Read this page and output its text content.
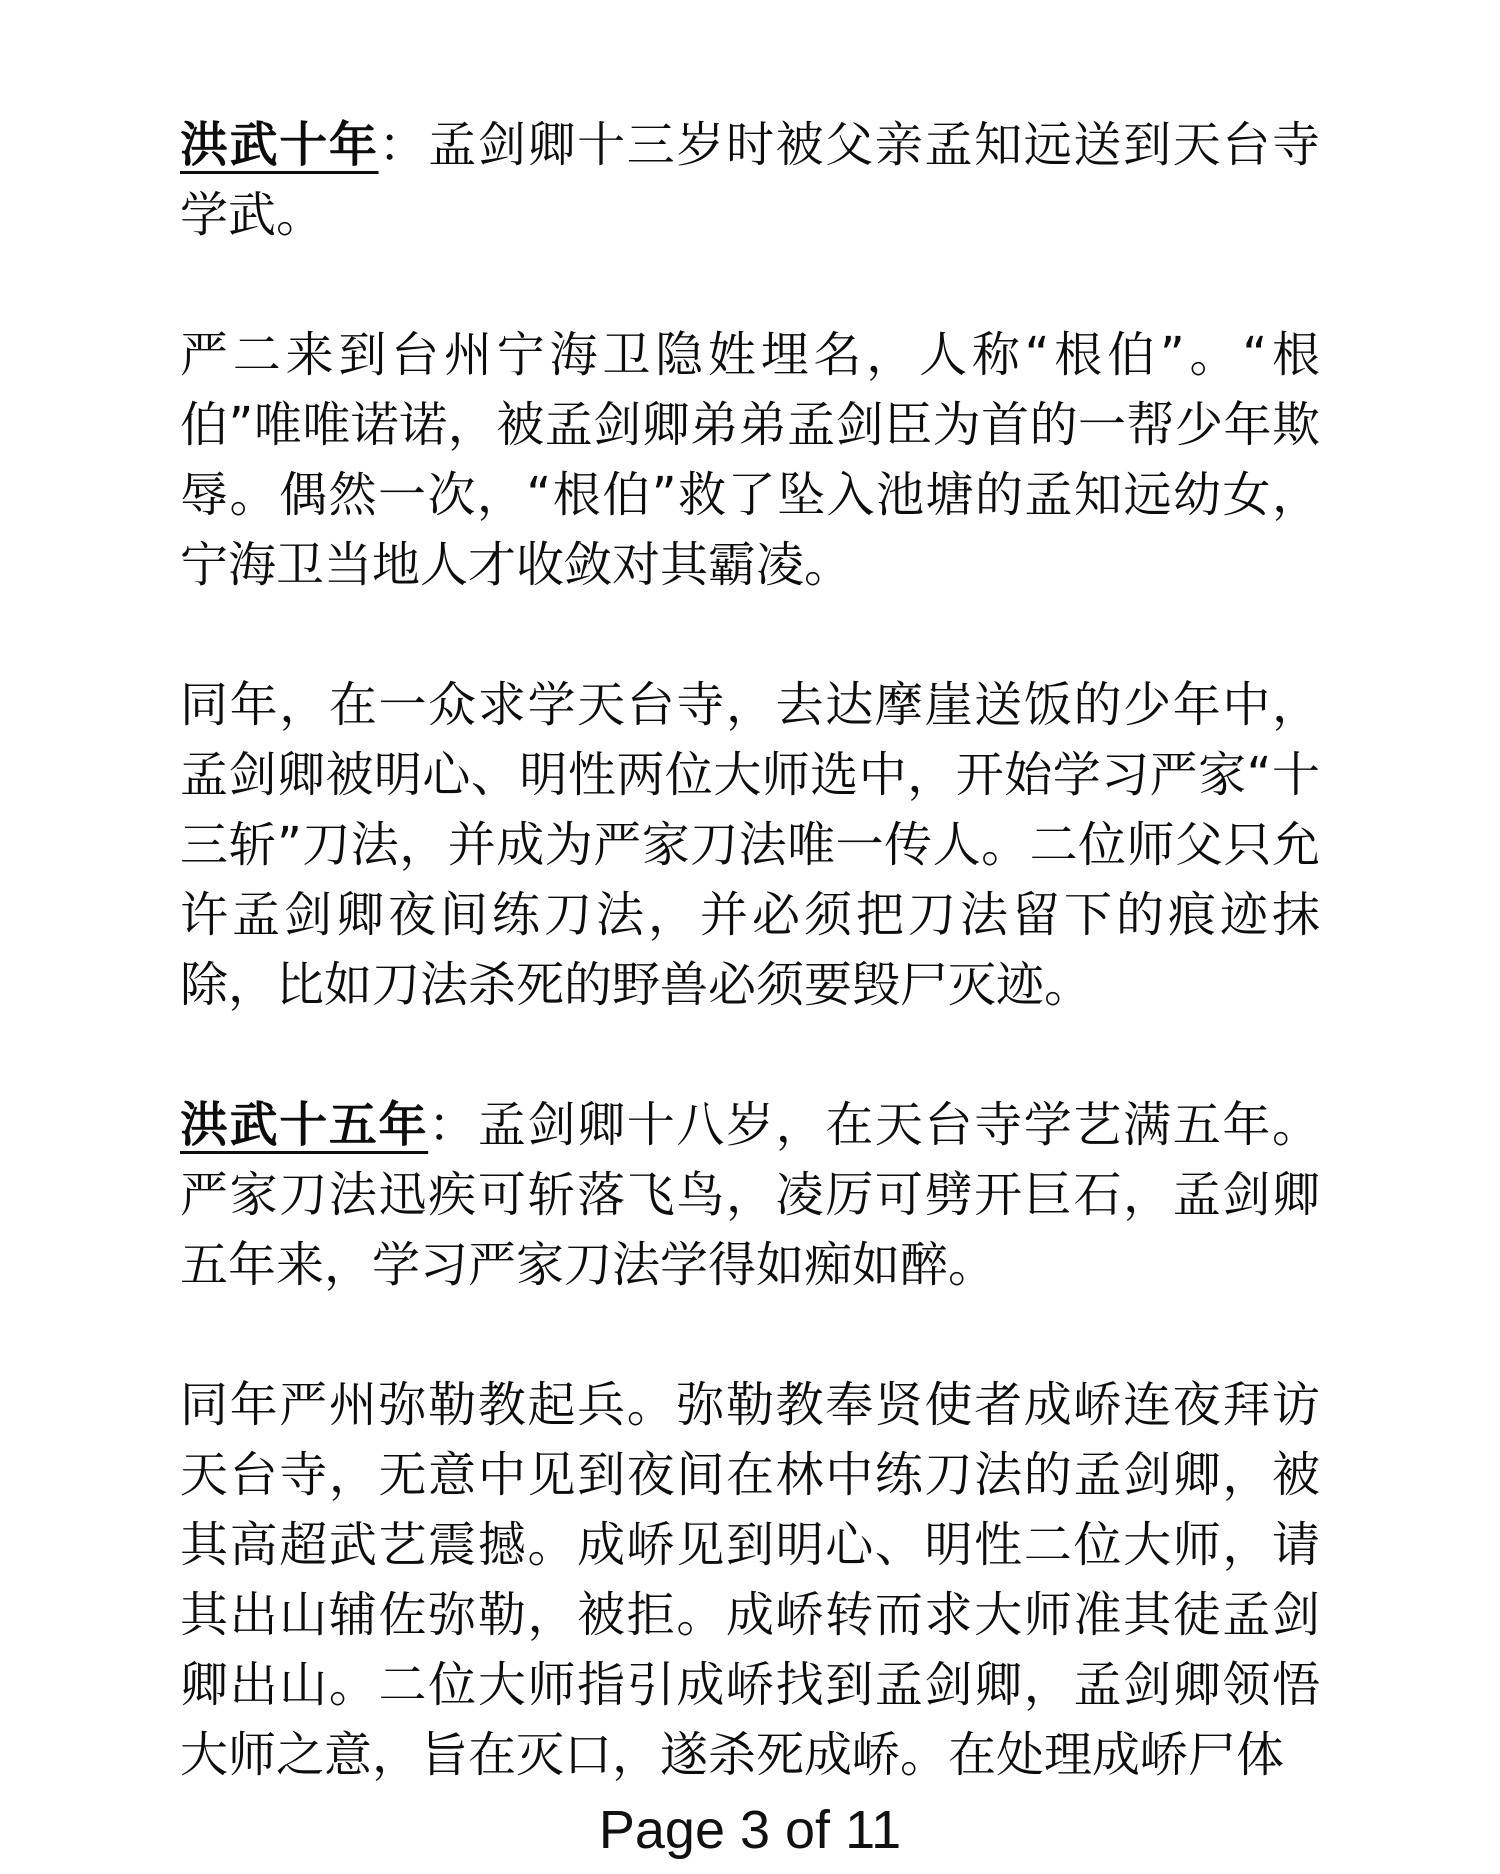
洪武十年：孟剑卿十三岁时被父亲孟知远送到天台寺学武。

严二来到台州宁海卫隐姓埋名，人称“根伯”。“根伯”唯唯诺诺，被孟剑卿弟弟孟剑臣为首的一帮少年欺辱。偶然一次，“根伯”救了坠入池塘的孟知远幼女，宁海卫当地人才收敛对其霸凌。

同年，在一众求学天台寺，去达摩崖送饭的少年中，孟剑卿被明心、明性两位大师选中，开始学习严家“十三斩”刀法，并成为严家刀法唯一传人。二位师父只允许孟剑卿夜间练刀法，并必须把刀法留下的痕迹抹除，比如刀法杀死的野兽必须要毁尸灭迹。

洪武十五年：孟剑卿十八岁，在天台寺学艺满五年。严家刀法迅疾可斩落飞鸟，凌厉可劈开巨石，孟剑卿五年来，学习严家刀法学得如痴如醉。

同年严州弥勒教起兵。弥勒教奉贤使者成峤连夜拜访天台寺，无意中见到夜间在林中练刀法的孟剑卿，被其高超武艺震撼。成峤见到明心、明性二位大师，请其出山辅佐弥勒，被拒。成峤转而求大师准其徒孟剑卿出山。二位大师指引成峤找到孟剑卿，孟剑卿领悟大师之意，旨在灭口，遂杀死成峤。在处理成峤尸体

Page 3 of 11
